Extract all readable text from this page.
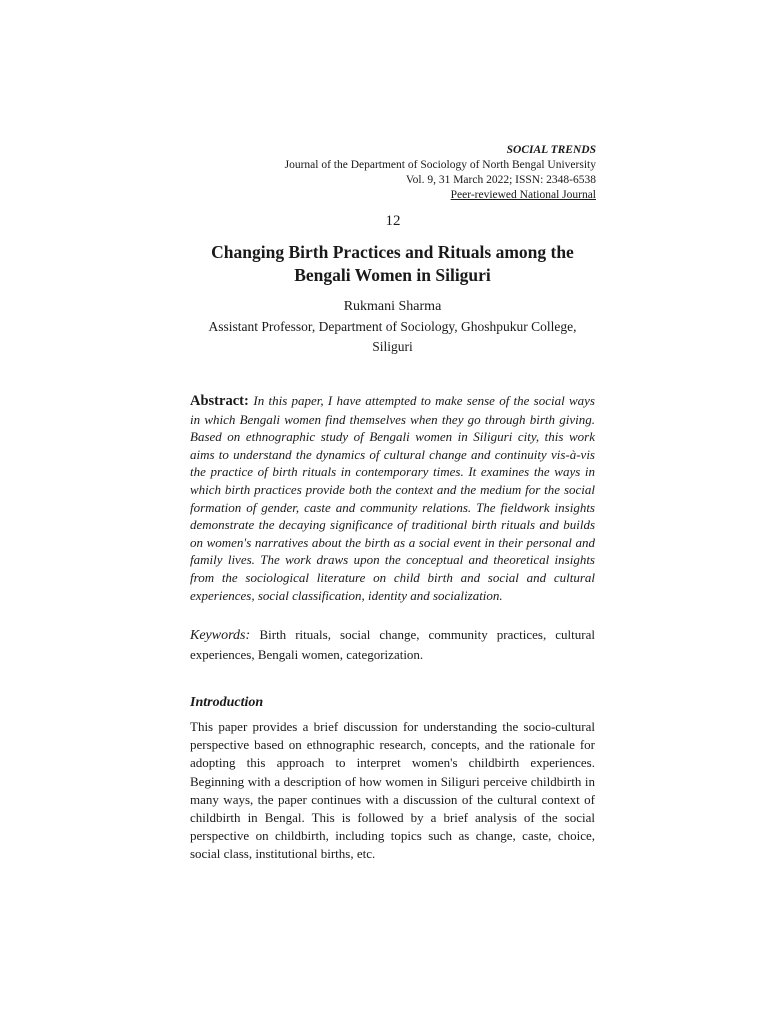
SOCIAL TRENDS
Journal of the Department of Sociology of North Bengal University
Vol. 9, 31 March 2022; ISSN: 2348-6538
Peer-reviewed National Journal
12
Changing Birth Practices and Rituals among the Bengali Women in Siliguri
Rukmani Sharma
Assistant Professor, Department of Sociology, Ghoshpukur College, Siliguri
Abstract: In this paper, I have attempted to make sense of the social ways in which Bengali women find themselves when they go through birth giving. Based on ethnographic study of Bengali women in Siliguri city, this work aims to understand the dynamics of cultural change and continuity vis-à-vis the practice of birth rituals in contemporary times. It examines the ways in which birth practices provide both the context and the medium for the social formation of gender, caste and community relations. The fieldwork insights demonstrate the decaying significance of traditional birth rituals and builds on women's narratives about the birth as a social event in their personal and family lives. The work draws upon the conceptual and theoretical insights from the sociological literature on child birth and social and cultural experiences, social classification, identity and socialization.
Keywords: Birth rituals, social change, community practices, cultural experiences, Bengali women, categorization.
Introduction
This paper provides a brief discussion for understanding the socio-cultural perspective based on ethnographic research, concepts, and the rationale for adopting this approach to interpret women's childbirth experiences. Beginning with a description of how women in Siliguri perceive childbirth in many ways, the paper continues with a discussion of the cultural context of childbirth in Bengal. This is followed by a brief analysis of the social perspective on childbirth, including topics such as change, caste, choice, social class, institutional births, etc.
